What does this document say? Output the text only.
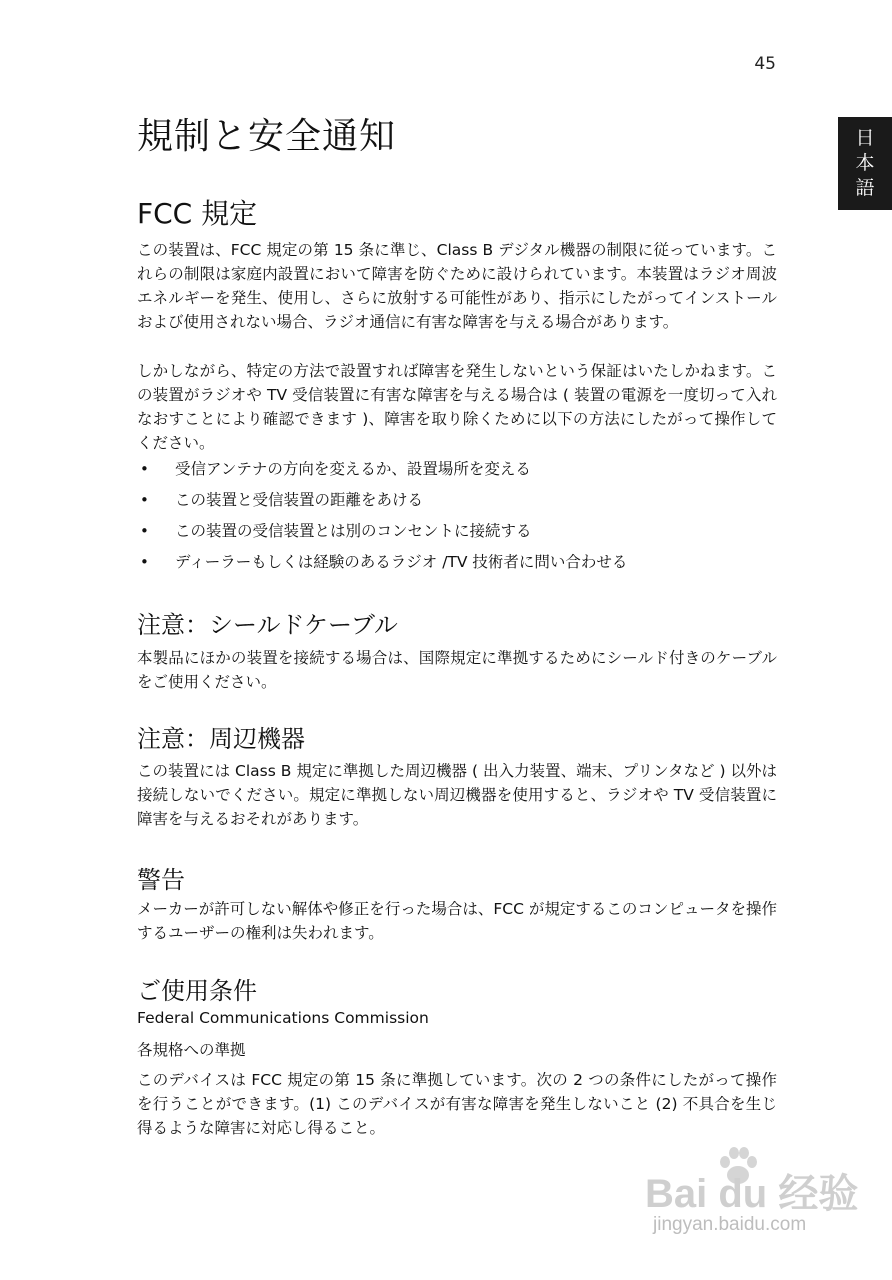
45
日
本
語
規制と安全通知
FCC 規定

この装置は、FCC 規定の第 15 条に準じ、Class B デジタル機器の制限に従っています。これらの制限は家庭内設置において障害を防ぐために設けられています。本装置はラジオ周波エネルギーを発生、使用し、さらに放射する可能性があり、指示にしたがってインストールおよび使用されない場合、ラジオ通信に有害な障害を与える場合があります。

しかしながら、特定の方法で設置すれば障害を発生しないという保証はいたしかねます。この装置がラジオや TV 受信装置に有害な障害を与える場合は ( 装置の電源を一度切って入れなおすことにより確認できます )、障害を取り除くために以下の方法にしたがって操作してください。

• 受信アンテナの方向を変えるか、設置場所を変える
• この装置と受信装置の距離をあける
• この装置の受信装置とは別のコンセントに接続する
• ディーラーもしくは経験のあるラジオ /TV 技術者に問い合わせる
注意：シールドケーブル

本製品にほかの装置を接続する場合は、国際規定に準拠するためにシールド付きのケーブルをご使用ください。

注意：周辺機器

この装置には Class B 規定に準拠した周辺機器 ( 出入力装置、端末、プリンタなど ) 以外は接続しないでください。規定に準拠しない周辺機器を使用すると、ラジオや TV 受信装置に障害を与えるおそれがあります。

警告

メーカーが許可しない解体や修正を行った場合は、FCC が規定するこのコンピュータを操作するユーザーの権利は失われます。

ご使用条件
Federal Communications Commission
各規格への準拠

このデバイスは FCC 規定の第 15 条に準拠しています。次の 2 つの条件にしたがって操作を行うことができます。(1) このデバイスが有害な障害を発生しないこと (2) 不具合を生じ得るような障害に対応し得ること。

Bai du 经验
jingyan.baidu.com
